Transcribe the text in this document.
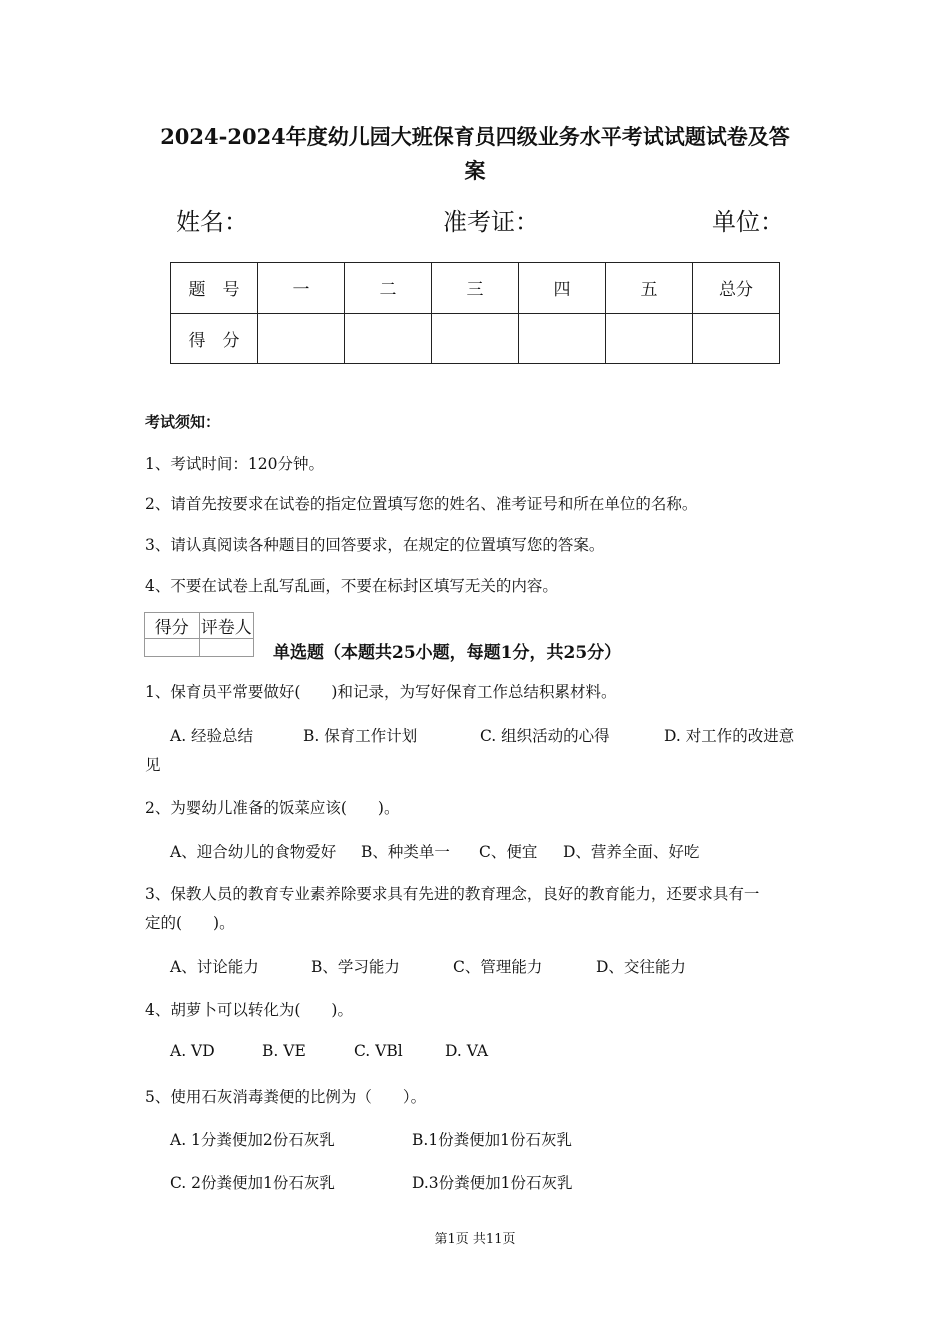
2024-2024年度幼儿园大班保育员四级业务水平考试试题试卷及答
案
姓名：	准考证：	单位：
题　号	一	二	三	四	五	总分
得　分						
考试须知：
1、考试时间：120分钟。
2、请首先按要求在试卷的指定位置填写您的姓名、准考证号和所在单位的名称。
3、请认真阅读各种题目的回答要求，在规定的位置填写您的答案。
4、不要在试卷上乱写乱画，不要在标封区填写无关的内容。
得分	评卷人

单选题（本题共25小题，每题1分，共25分）
1、保育员平常要做好(　　)和记录，为写好保育工作总结积累材料。
A. 经验总结	B. 保育工作计划	C. 组织活动的心得	D. 对工作的改进意
见
2、为婴幼儿准备的饭菜应该(　　)。
A、迎合幼儿的食物爱好 B、种类单一 C、便宜 D、营养全面、好吃
3、保教人员的教育专业素养除要求具有先进的教育理念，良好的教育能力，还要求具有一
定的(　　)。
A、讨论能力	B、学习能力	C、管理能力	D、交往能力
4、胡萝卜可以转化为(　　)。
A. VD	B. VE	C. VBl	D. VA
5、使用石灰消毒粪便的比例为（　　）。
A. 1分粪便加2份石灰乳	B.1份粪便加1份石灰乳
C. 2份粪便加1份石灰乳	D.3份粪便加1份石灰乳
第1页 共11页
